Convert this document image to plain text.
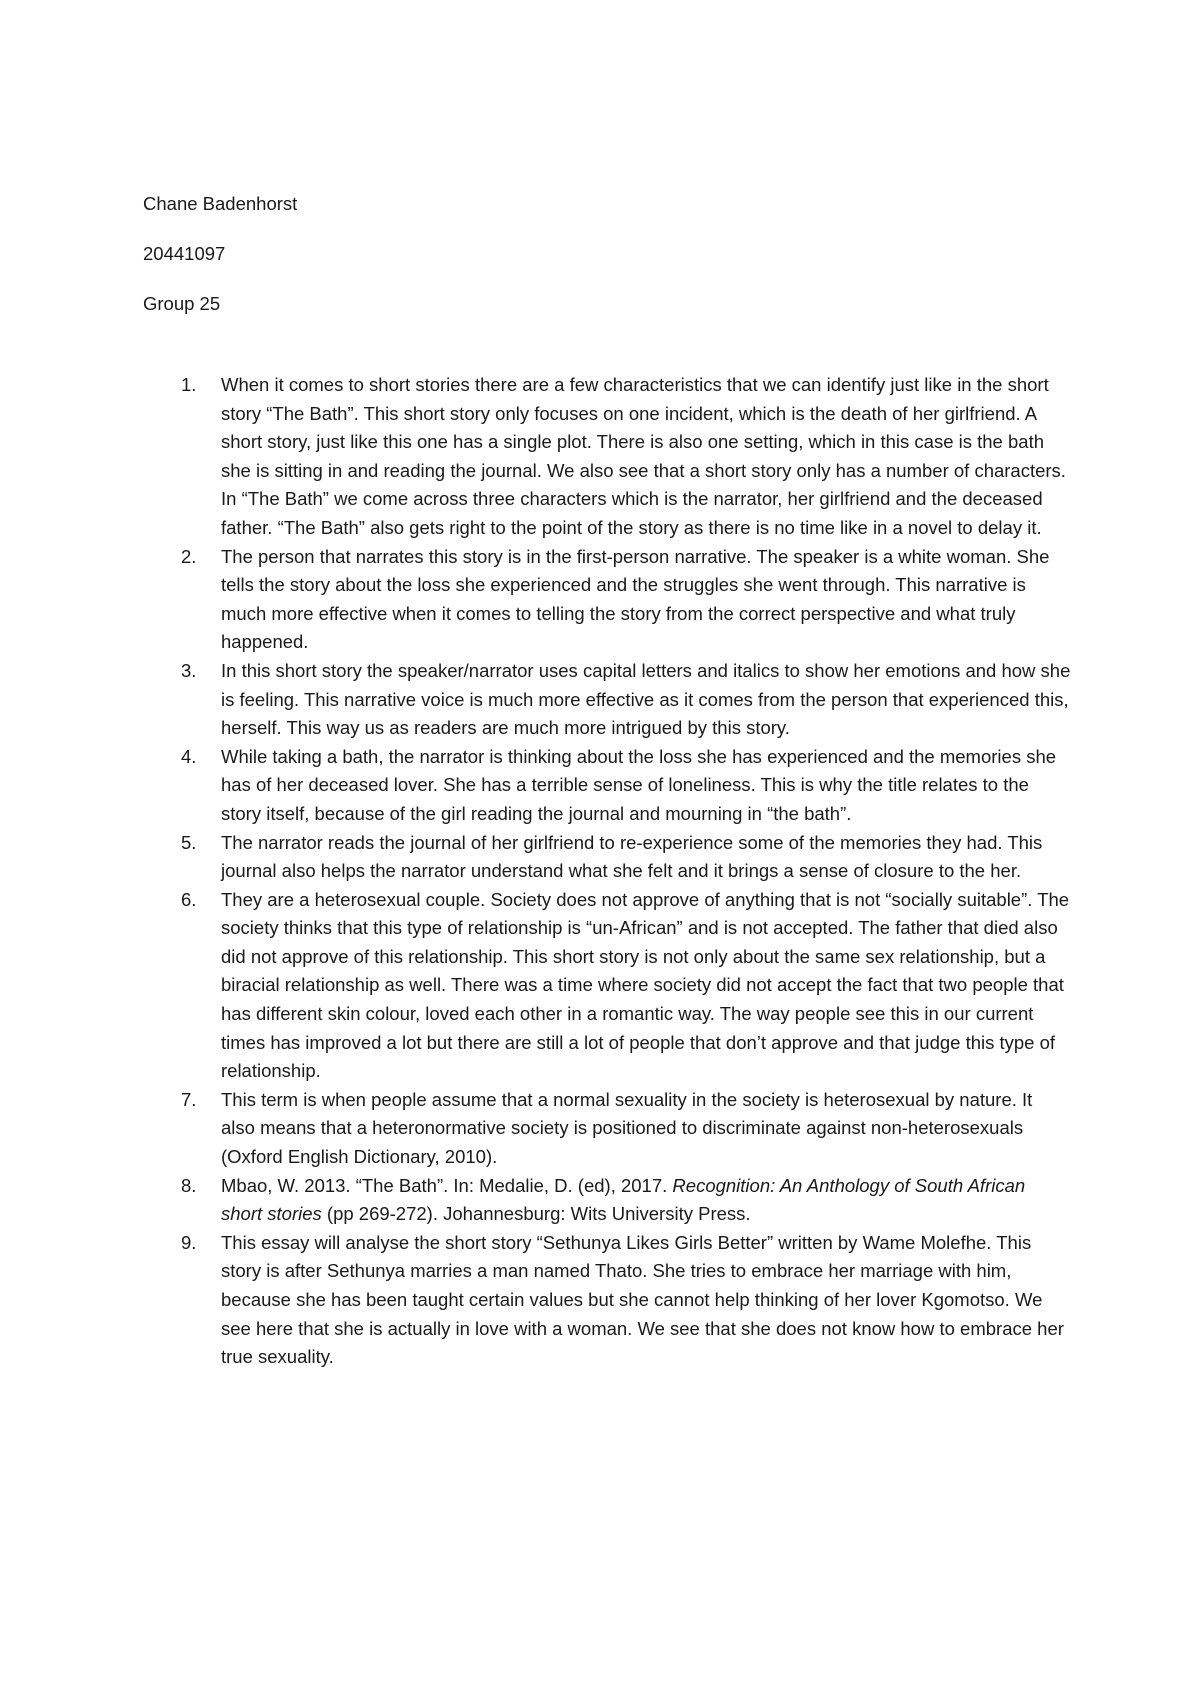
Chane Badenhorst
20441097
Group 25
1.	When it comes to short stories there are a few characteristics that we can identify just like in the short story “The Bath”. This short story only focuses on one incident, which is the death of her girlfriend. A short story, just like this one has a single plot. There is also one setting, which in this case is the bath she is sitting in and reading the journal. We also see that a short story only has a number of characters. In “The Bath” we come across three characters which is the narrator, her girlfriend and the deceased father. “The Bath” also gets right to the point of the story as there is no time like in a novel to delay it.
2.	The person that narrates this story is in the first-person narrative. The speaker is a white woman. She tells the story about the loss she experienced and the struggles she went through. This narrative is much more effective when it comes to telling the story from the correct perspective and what truly happened.
3.	In this short story the speaker/narrator uses capital letters and italics to show her emotions and how she is feeling. This narrative voice is much more effective as it comes from the person that experienced this, herself. This way us as readers are much more intrigued by this story.
4.	While taking a bath, the narrator is thinking about the loss she has experienced and the memories she has of her deceased lover. She has a terrible sense of loneliness. This is why the title relates to the story itself, because of the girl reading the journal and mourning in “the bath”.
5.	The narrator reads the journal of her girlfriend to re-experience some of the memories they had. This journal also helps the narrator understand what she felt and it brings a sense of closure to the her.
6.	They are a heterosexual couple. Society does not approve of anything that is not “socially suitable”. The society thinks that this type of relationship is “un-African” and is not accepted. The father that died also did not approve of this relationship. This short story is not only about the same sex relationship, but a biracial relationship as well. There was a time where society did not accept the fact that two people that has different skin colour, loved each other in a romantic way. The way people see this in our current times has improved a lot but there are still a lot of people that don’t approve and that judge this type of relationship.
7.	This term is when people assume that a normal sexuality in the society is heterosexual by nature. It also means that a heteronormative society is positioned to discriminate against non-heterosexuals (Oxford English Dictionary, 2010).
8.	Mbao, W. 2013. “The Bath”. In: Medalie, D. (ed), 2017. Recognition: An Anthology of South African short stories (pp 269-272). Johannesburg: Wits University Press.
9.	This essay will analyse the short story “Sethunya Likes Girls Better” written by Wame Molefhe. This story is after Sethunya marries a man named Thato. She tries to embrace her marriage with him, because she has been taught certain values but she cannot help thinking of her lover Kgomotso. We see here that she is actually in love with a woman. We see that she does not know how to embrace her true sexuality.
